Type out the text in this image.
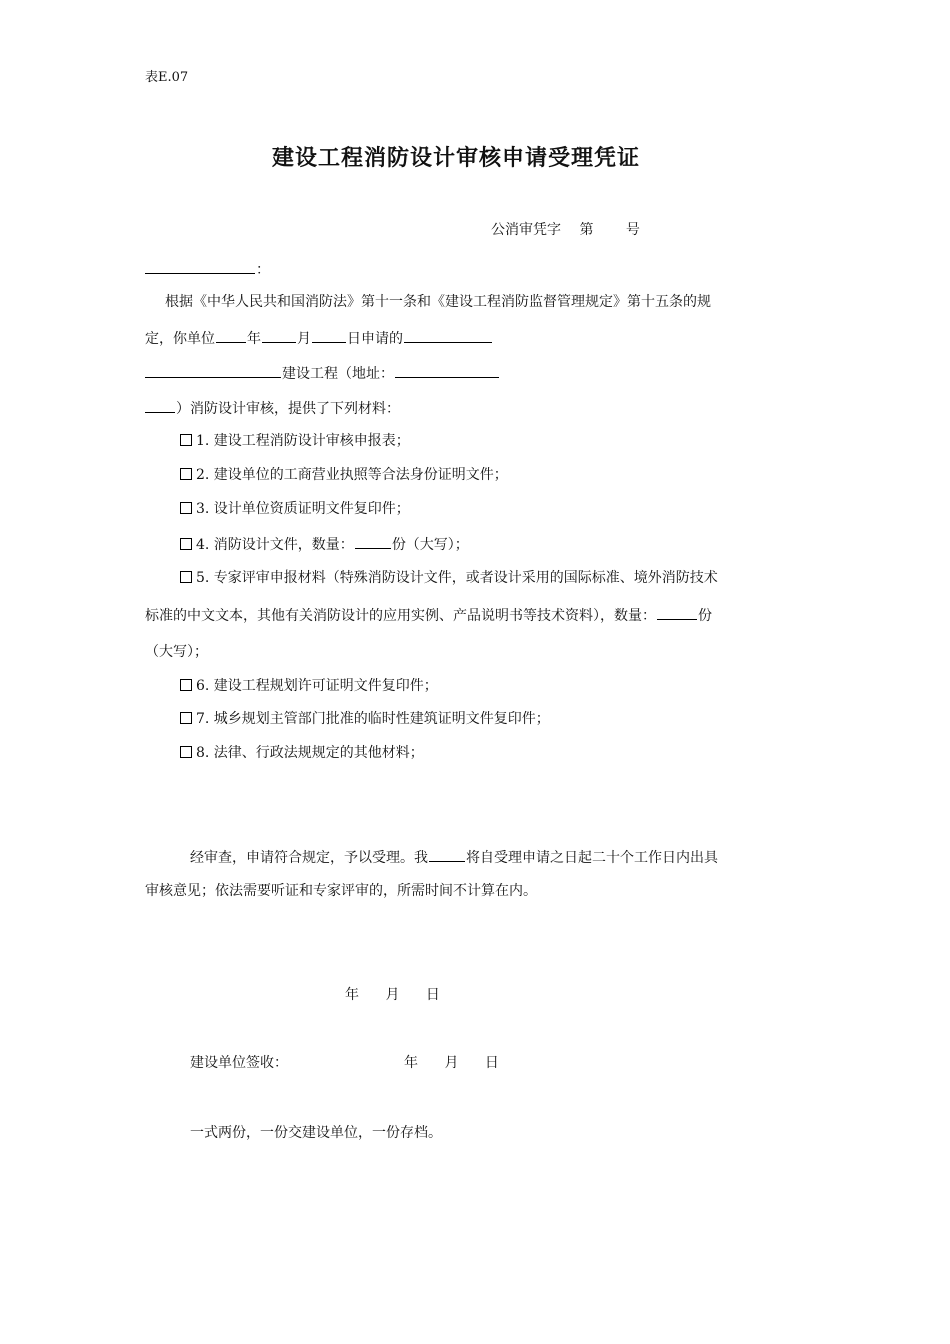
表E.07
建设工程消防设计审核申请受理凭证
公消审凭字 第 号
：
根据《中华人民共和国消防法》第十一条和《建设工程消防监督管理规定》第十五条的规
定，你单位 年	月	日申请的
建设工程（地址：
）消防设计审核，提供了下列材料：
1. 建设工程消防设计审核申报表；
2. 建设单位的工商营业执照等合法身份证明文件；
3. 设计单位资质证明文件复印件；
4. 消防设计文件，数量：	份（大写）；
5. 专家评审申报材料（特殊消防设计文件，或者设计采用的国际标准、境外消防技术
标准的中文文本，其他有关消防设计的应用实例、产品说明书等技术资料），数量：	份
（大写）；
6. 建设工程规划许可证明文件复印件；
7. 城乡规划主管部门批准的临时性建筑证明文件复印件；
8. 法律、行政法规规定的其他材料；
经审查，申请符合规定，予以受理。我	将自受理申请之日起二十个工作日内出具
审核意见；依法需要听证和专家评审的，所需时间不计算在内。
年 月 日
建设单位签收：	年 月 日
一式两份，一份交建设单位，一份存档。
